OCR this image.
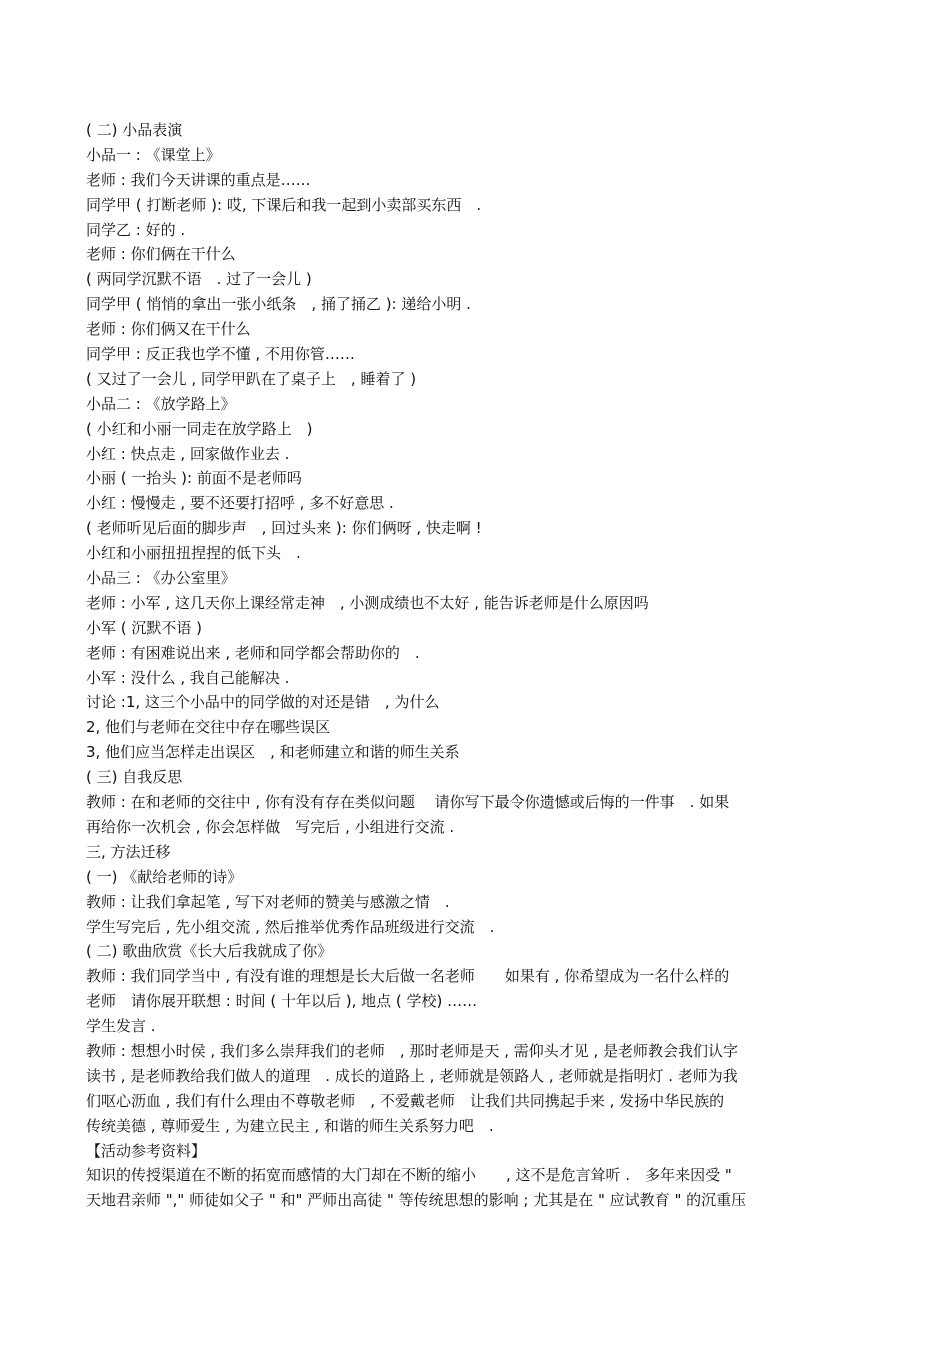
( 二) 小品表演
小品一 : 《课堂上》
老师 : 我们今天讲课的重点是……
同学甲 ( 打断老师 ): 哎, 下课后和我一起到小卖部买东西　.
同学乙 : 好的 .
老师 : 你们俩在干什么
( 两同学沉默不语　. 过了一会儿 )
同学甲 ( 悄悄的拿出一张小纸条　, 捅了捅乙 ): 递给小明 .
老师 : 你们俩又在干什么
同学甲 : 反正我也学不懂 , 不用你管……
( 又过了一会儿 , 同学甲趴在了桌子上　, 睡着了 )
小品二 : 《放学路上》
( 小红和小丽一同走在放学路上　)
小红 : 快点走 , 回家做作业去 .
小丽 ( 一抬头 ): 前面不是老师吗
小红 : 慢慢走 , 要不还要打招呼 , 多不好意思 .
( 老师听见后面的脚步声　, 回过头来 ): 你们俩呀 , 快走啊 !
小红和小丽扭扭捏捏的低下头　.
小品三 : 《办公室里》
老师 : 小军 , 这几天你上课经常走神　, 小测成绩也不太好 , 能告诉老师是什么原因吗
小军 ( 沉默不语 )
老师 : 有困难说出来 , 老师和同学都会帮助你的　.
小军 : 没什么 , 我自己能解决 .
讨论 :1, 这三个小品中的同学做的对还是错　, 为什么
2, 他们与老师在交往中存在哪些误区
3, 他们应当怎样走出误区　, 和老师建立和谐的师生关系
( 三) 自我反思
教师 : 在和老师的交往中 , 你有没有存在类似问题　 请你写下最令你遗憾或后悔的一件事　. 如果
再给你一次机会 , 你会怎样做　写完后 , 小组进行交流 .
三, 方法迁移
( 一) 《献给老师的诗》
教师 : 让我们拿起笔 , 写下对老师的赞美与感激之情　.
学生写完后 , 先小组交流 , 然后推举优秀作品班级进行交流　.
( 二) 歌曲欣赏《长大后我就成了你》
教师 : 我们同学当中 , 有没有谁的理想是长大后做一名老师　　如果有 , 你希望成为一名什么样的
老师　请你展开联想 : 时间 ( 十年以后 ), 地点 ( 学校) ……
学生发言 .
教师 : 想想小时侯 , 我们多么崇拜我们的老师　, 那时老师是天 , 需仰头才见 , 是老师教会我们认字
读书 , 是老师教给我们做人的道理　. 成长的道路上 , 老师就是领路人 , 老师就是指明灯 . 老师为我
们呕心沥血 , 我们有什么理由不尊敬老师　, 不爱戴老师　让我们共同携起手来 , 发扬中华民族的
传统美德 , 尊师爱生 , 为建立民主 , 和谐的师生关系努力吧　.
【活动参考资料】
知识的传授渠道在不断的拓宽而感情的大门却在不断的缩小　　, 这不是危言耸听 .　多年来因受 "
天地君亲师 "," 师徒如父子 " 和" 严师出高徒 " 等传统思想的影响 ; 尤其是在 " 应试教育 " 的沉重压
